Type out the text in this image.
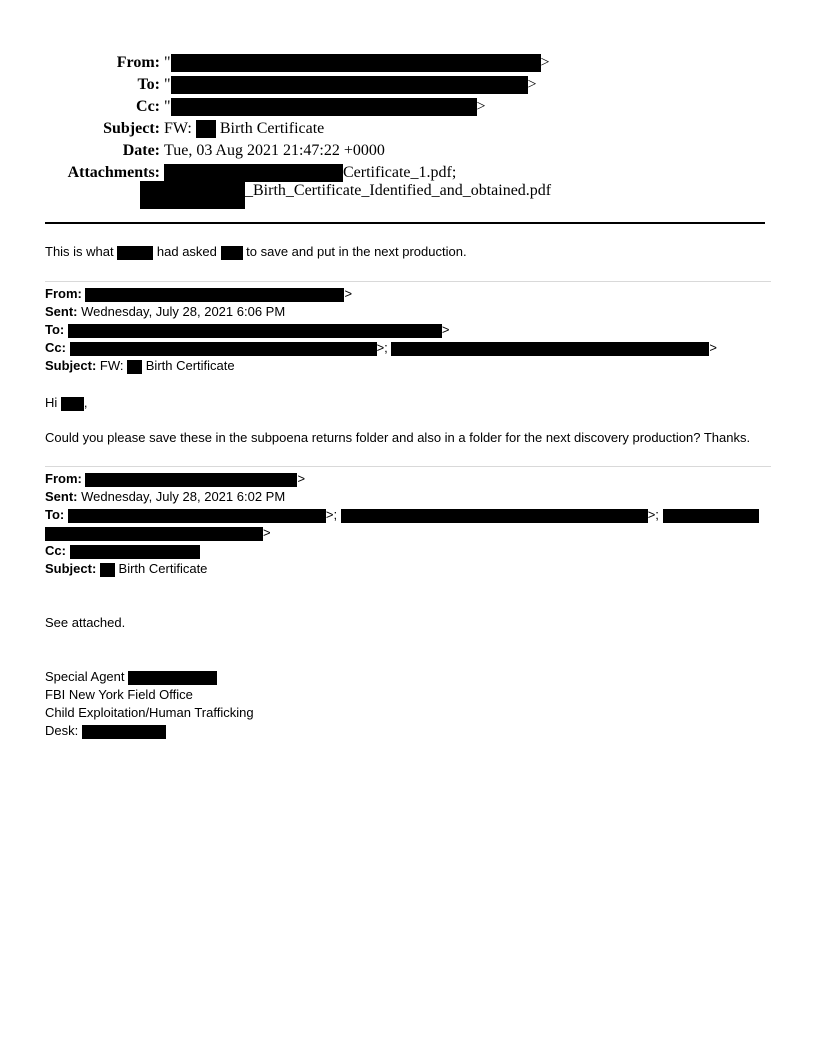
From: "	>
To: "	>
Cc: "	>
Subject: FW: Birth Certificate
Date: Tue, 03 Aug 2021 21:47:22 +0000
Attachments:	Certificate_1.pdf;
_Birth_Certificate_Identified_and_obtained.pdf
This is what	had asked to save and put in the next production.
From:	>
Sent: Wednesday, July 28, 2021 6:06 PM
To:	>
Cc:	>;	>
Subject: FW: Birth Certificate
Hi ,
Could you please save these in the subpoena returns folder and also in a folder for the next discovery production? Thanks.
From:	>
Sent: Wednesday, July 28, 2021 6:02 PM
To:	>;	>;
>
Cc:
Subject: Birth Certificate
See attached.
Special Agent
FBI New York Field Office
Child Exploitation/Human Trafficking
Desk:
